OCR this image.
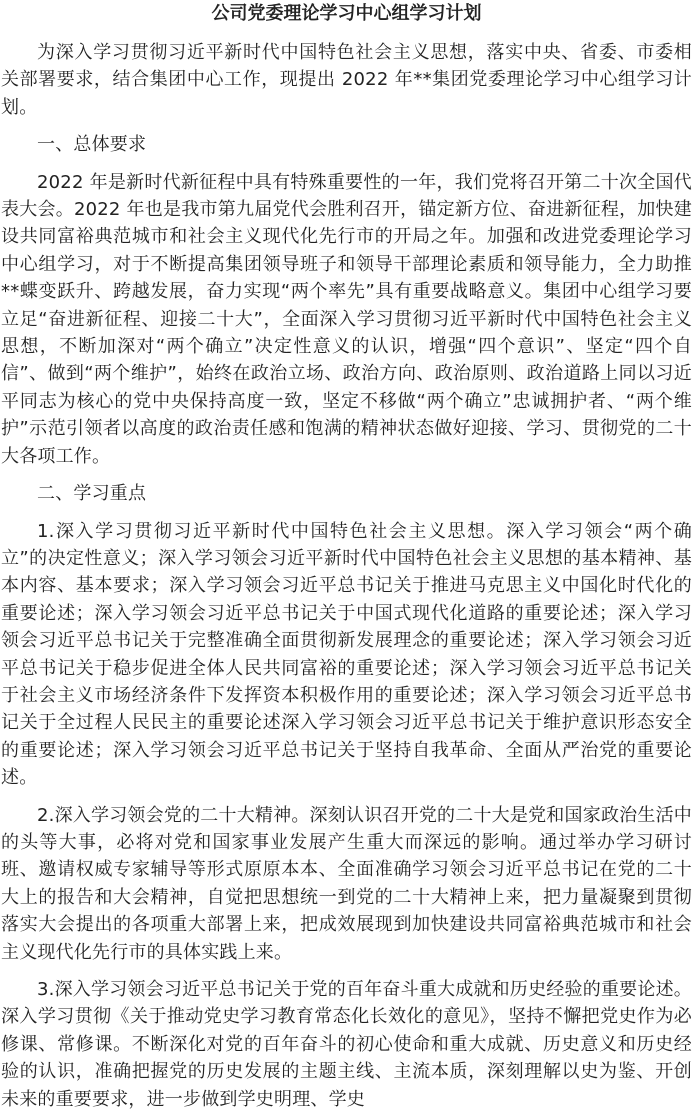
公司党委理论学习中心组学习计划

为深入学习贯彻习近平新时代中国特色社会主义思想，落实中央、省委、市委相关部署要求，结合集团中心工作，现提出 2022 年**集团党委理论学习中心组学习计划。

一、总体要求

2022 年是新时代新征程中具有特殊重要性的一年，我们党将召开第二十次全国代表大会。2022 年也是我市第九届党代会胜利召开，锚定新方位、奋进新征程，加快建设共同富裕典范城市和社会主义现代化先行市的开局之年。加强和改进党委理论学习中心组学习，对于不断提高集团领导班子和领导干部理论素质和领导能力，全力助推**蝶变跃升、跨越发展，奋力实现“两个率先”具有重要战略意义。集团中心组学习要立足“奋进新征程、迎接二十大”，全面深入学习贯彻习近平新时代中国特色社会主义思想，不断加深对“两个确立”决定性意义的认识，增强“四个意识”、坚定“四个自信”、做到“两个维护”，始终在政治立场、政治方向、政治原则、政治道路上同以习近平同志为核心的党中央保持高度一致，坚定不移做“两个确立”忠诚拥护者、“两个维护”示范引领者以高度的政治责任感和饱满的精神状态做好迎接、学习、贯彻党的二十大各项工作。

二、学习重点

1.深入学习贯彻习近平新时代中国特色社会主义思想。深入学习领会“两个确立”的决定性意义；深入学习领会习近平新时代中国特色社会主义思想的基本精神、基本内容、基本要求；深入学习领会习近平总书记关于推进马克思主义中国化时代化的重要论述；深入学习领会习近平总书记关于中国式现代化道路的重要论述；深入学习领会习近平总书记关于完整准确全面贯彻新发展理念的重要论述；深入学习领会习近平总书记关于稳步促进全体人民共同富裕的重要论述；深入学习领会习近平总书记关于社会主义市场经济条件下发挥资本积极作用的重要论述；深入学习领会习近平总书记关于全过程人民民主的重要论述深入学习领会习近平总书记关于维护意识形态安全的重要论述；深入学习领会习近平总书记关于坚持自我革命、全面从严治党的重要论述。

2.深入学习领会党的二十大精神。深刻认识召开党的二十大是党和国家政治生活中的头等大事，必将对党和国家事业发展产生重大而深远的影响。通过举办学习研讨班、邀请权威专家辅导等形式原原本本、全面准确学习领会习近平总书记在党的二十大上的报告和大会精神，自觉把思想统一到党的二十大精神上来，把力量凝聚到贯彻落实大会提出的各项重大部署上来，把成效展现到加快建设共同富裕典范城市和社会主义现代化先行市的具体实践上来。

3.深入学习领会习近平总书记关于党的百年奋斗重大成就和历史经验的重要论述。深入学习贯彻《关于推动党史学习教育常态化长效化的意见》，坚持不懈把党史作为必修课、常修课。不断深化对党的百年奋斗的初心使命和重大成就、历史意义和历史经验的认识，准确把握党的历史发展的主题主线、主流本质，深刻理解以史为鉴、开创未来的重要要求，进一步做到学史明理、学史
